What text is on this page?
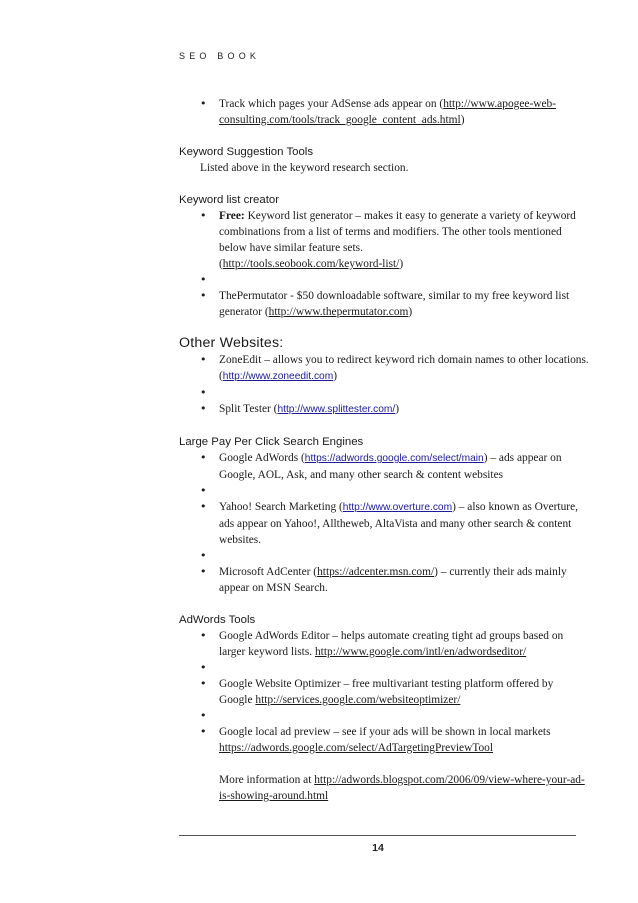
SEO BOOK
• Track which pages your AdSense ads appear on (http://www.apogee-web-consulting.com/tools/track_google_content_ads.html)
Keyword Suggestion Tools

Listed above in the keyword research section.

Keyword list creator
• Free: Keyword list generator – makes it easy to generate a variety of keyword combinations from a list of terms and modifiers. The other tools mentioned below have similar feature sets.
(http://tools.seobook.com/keyword-list/)
•
• ThePermutator - $50 downloadable software, similar to my free keyword list generator (http://www.thepermutator.com)
Other Websites:
• ZoneEdit – allows you to redirect keyword rich domain names to other locations.
(http://www.zoneedit.com)
•
• Split Tester (http://www.splittester.com/)
Large Pay Per Click Search Engines
• Google AdWords (https://adwords.google.com/select/main) – ads appear on Google, AOL, Ask, and many other search & content websites
•
• Yahoo! Search Marketing (http://www.overture.com) – also known as Overture, ads appear on Yahoo!, Alltheweb, AltaVista and many other search & content websites.
•
• Microsoft AdCenter (https://adcenter.msn.com/) – currently their ads mainly appear on MSN Search.
AdWords Tools
• Google AdWords Editor – helps automate creating tight ad groups based on larger keyword lists. http://www.google.com/intl/en/adwordseditor/
•
• Google Website Optimizer – free multivariant testing platform offered by Google http://services.google.com/websiteoptimizer/
•
• Google local ad preview – see if your ads will be shown in local markets https://adwords.google.com/select/AdTargetingPreviewTool
More information at http://adwords.blogspot.com/2006/09/view-where-your-ad-is-showing-around.html
14
